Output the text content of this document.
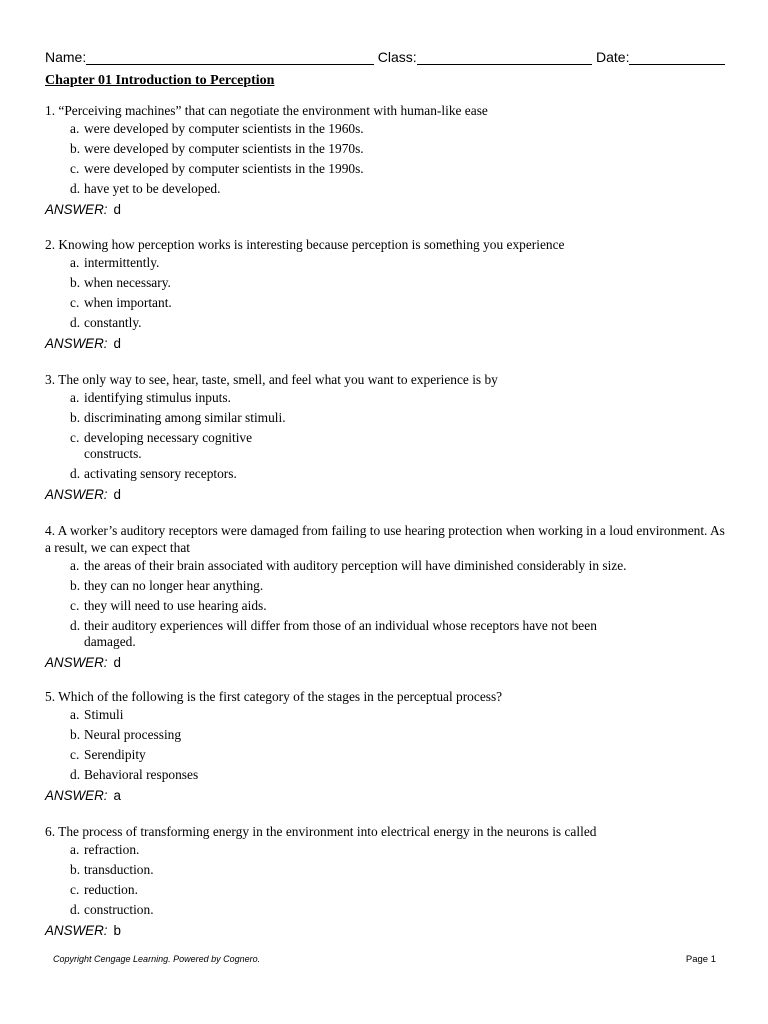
Name:	Class:	Date:
Chapter 01 Introduction to Perception

1. “Perceiving machines” that can negotiate the environment with human-like ease

a. were developed by computer scientists in the 1960s.
b. were developed by computer scientists in the 1970s.
c. were developed by computer scientists in the 1990s.
d. have yet to be developed.
ANSWER: d

2. Knowing how perception works is interesting because perception is something you experience

a. intermittently.
b. when necessary.
c. when important.
d. constantly.
ANSWER: d

3. The only way to see, hear, taste, smell, and feel what you want to experience is by

a. identifying stimulus inputs.
b. discriminating among similar stimuli.
c. developing necessary cognitive constructs.
d. activating sensory receptors.
ANSWER: d

4. A worker’s auditory receptors were damaged from failing to use hearing protection when working in a loud environment. As a result, we can expect that

a. the areas of their brain associated with auditory perception will have diminished considerably in size.
b. they can no longer hear anything.
c. they will need to use hearing aids.
d. their auditory experiences will differ from those of an individual whose receptors have not been damaged.
ANSWER: d

5. Which of the following is the first category of the stages in the perceptual process?

a. Stimuli
b. Neural processing
c. Serendipity
d. Behavioral responses
ANSWER: a

6. The process of transforming energy in the environment into electrical energy in the neurons is called

a. refraction.
b. transduction.
c. reduction.
d. construction.
ANSWER: b
Copyright Cengage Learning. Powered by Cognero.	Page 1
